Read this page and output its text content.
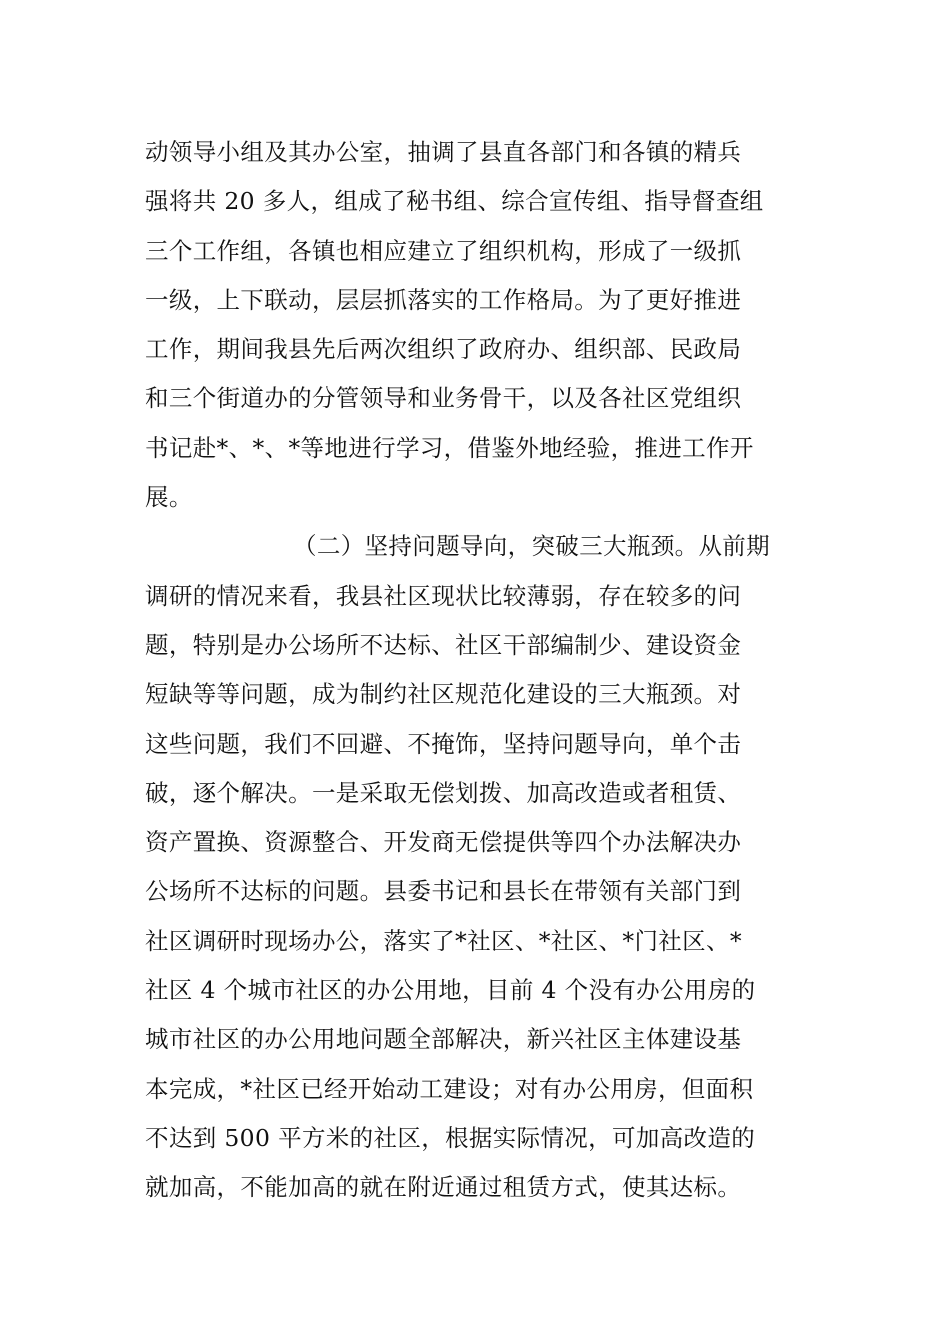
动领导小组及其办公室，抽调了县直各部门和各镇的精兵
强将共 20 多人，组成了秘书组、综合宣传组、指导督查组
三个工作组，各镇也相应建立了组织机构，形成了一级抓
一级，上下联动，层层抓落实的工作格局。为了更好推进
工作，期间我县先后两次组织了政府办、组织部、民政局
和三个街道办的分管领导和业务骨干，以及各社区党组织
书记赴*、*、*等地进行学习，借鉴外地经验，推进工作开
展。
（二）坚持问题导向，突破三大瓶颈。从前期
调研的情况来看，我县社区现状比较薄弱，存在较多的问
题，特别是办公场所不达标、社区干部编制少、建设资金
短缺等等问题，成为制约社区规范化建设的三大瓶颈。对
这些问题，我们不回避、不掩饰，坚持问题导向，单个击
破，逐个解决。一是采取无偿划拨、加高改造或者租赁、
资产置换、资源整合、开发商无偿提供等四个办法解决办
公场所不达标的问题。县委书记和县长在带领有关部门到
社区调研时现场办公，落实了*社区、*社区、*门社区、*
社区 4 个城市社区的办公用地，目前 4 个没有办公用房的
城市社区的办公用地问题全部解决，新兴社区主体建设基
本完成，*社区已经开始动工建设；对有办公用房，但面积
不达到 500 平方米的社区，根据实际情况，可加高改造的
就加高，不能加高的就在附近通过租赁方式，使其达标。
